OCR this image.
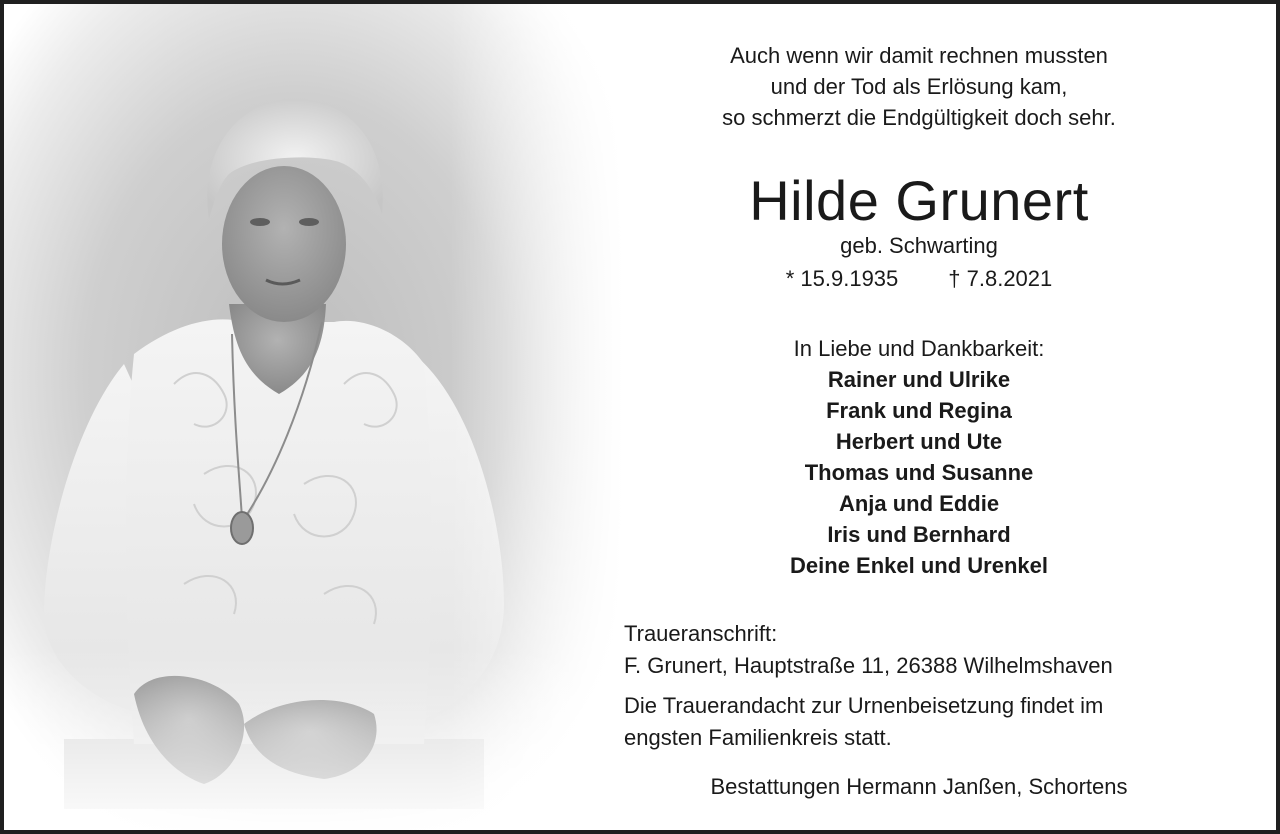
Auch wenn wir damit rechnen mussten
und der Tod als Erlösung kam,
so schmerzt die Endgültigkeit doch sehr.
Hilde Grunert
geb. Schwarting
* 15.9.1935 † 7.8.2021
In Liebe und Dankbarkeit:
Rainer und Ulrike
Frank und Regina
Herbert und Ute
Thomas und Susanne
Anja und Eddie
Iris und Bernhard
Deine Enkel und Urenkel
Traueranschrift:
F. Grunert, Hauptstraße 11, 26388 Wilhelmshaven
Die Trauerandacht zur Urnenbeisetzung findet im
engsten Familienkreis statt.
Bestattungen Hermann Janßen, Schortens
